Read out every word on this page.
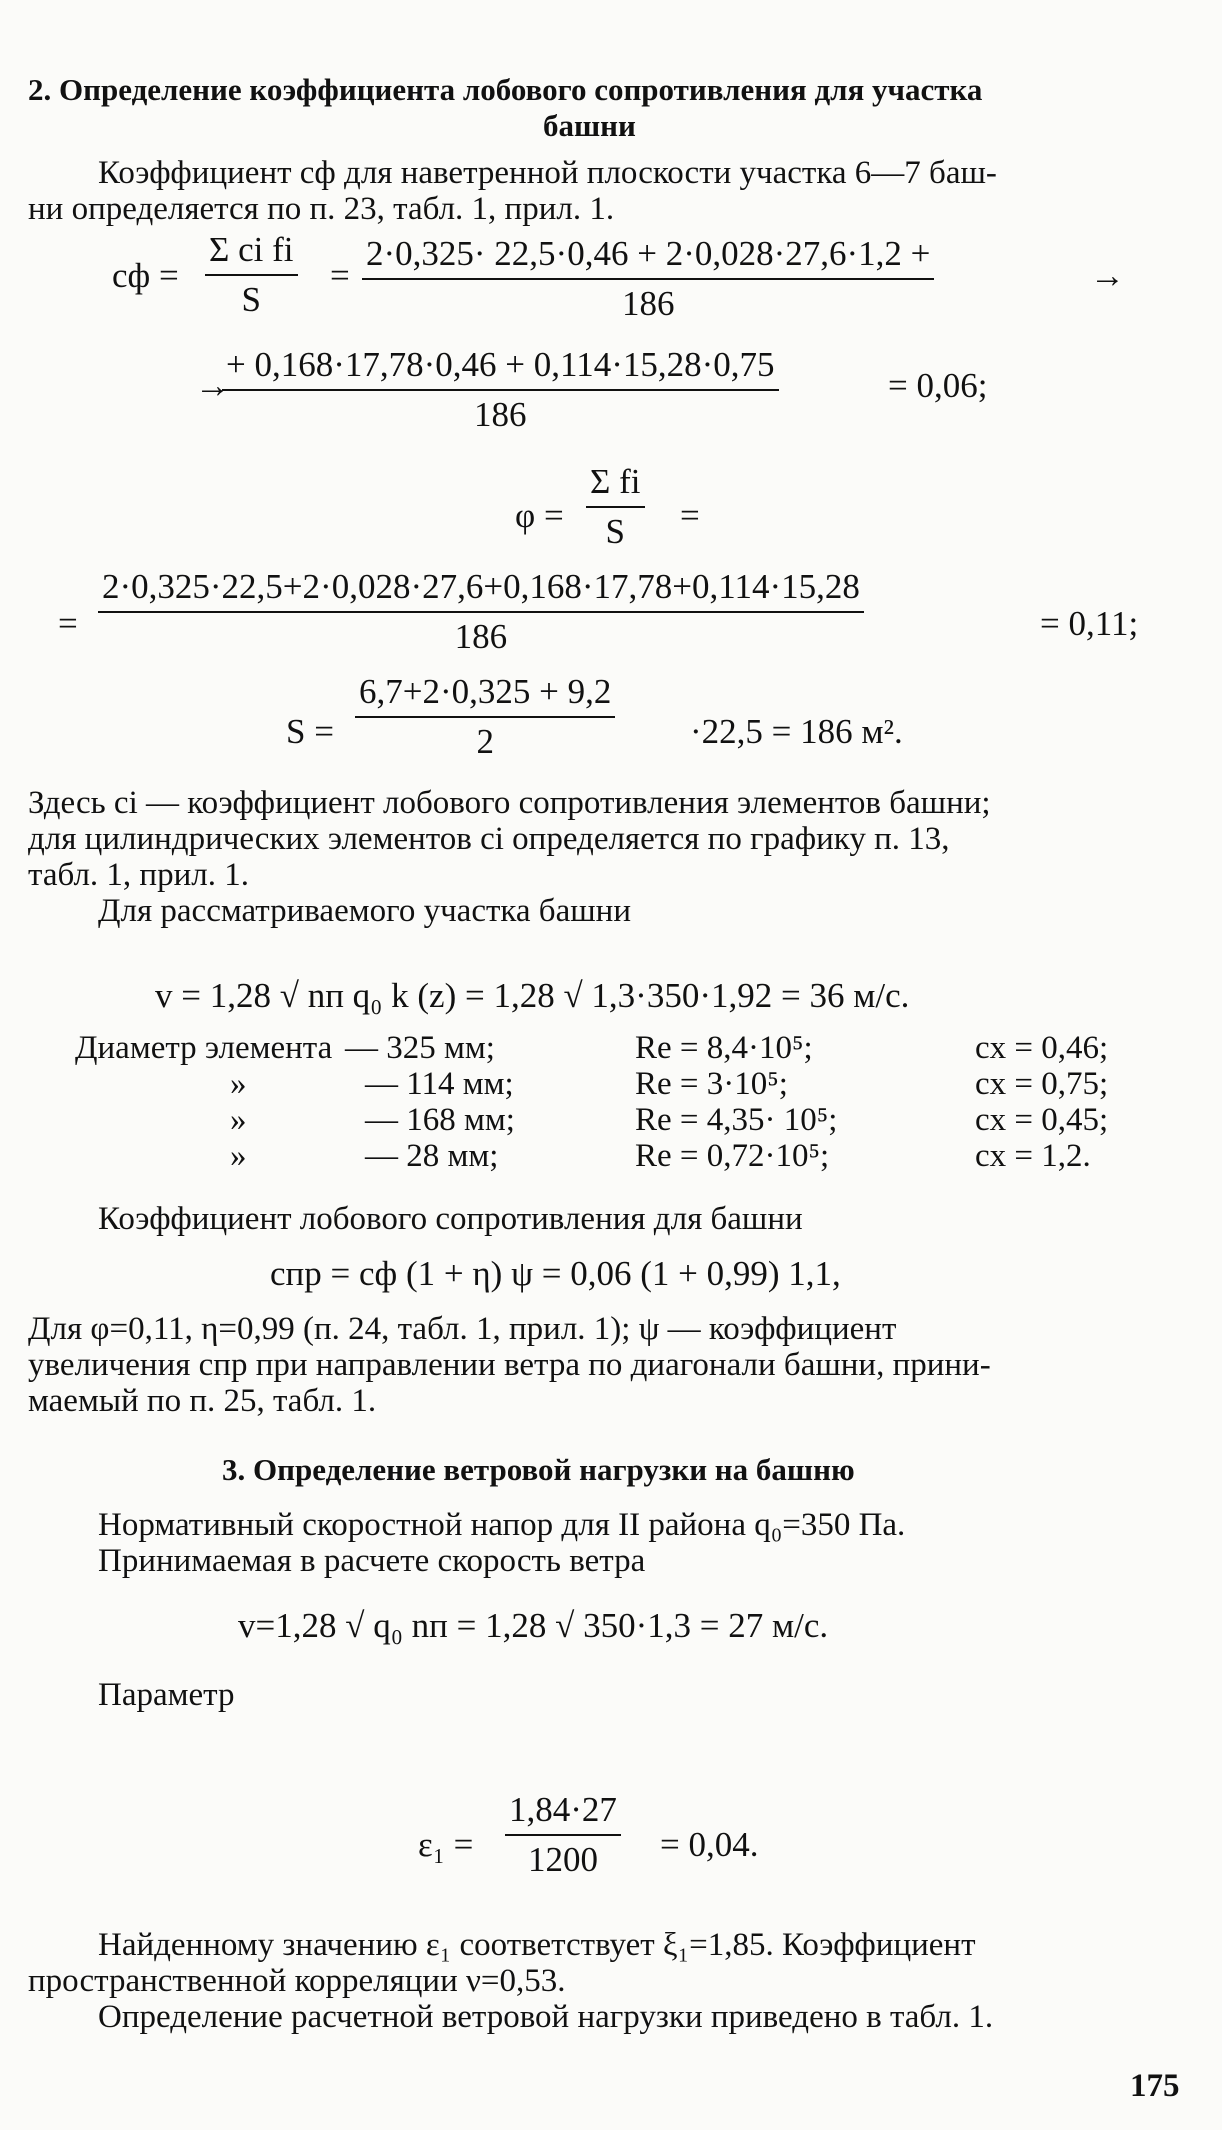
2. Определение коэффициента лобового сопротивления для участка
башни
Коэффициент cф для наветренной плоскости участка 6—7 баш-
ни определяется по п. 23, табл. 1, прил. 1.
cф = $\frac{\text{Σ ci fi}}{S} = \frac{2\cdot 0,325\cdot 22,5\cdot 0,46 + 2\cdot 0,028\cdot 27,6\cdot 1,2 +}{186}$	→
→
$\frac{+ 0,168\cdot 17,78\cdot 0,46 + 0,114\cdot 15,28\cdot 0,75}{186}$	= 0,06;
$\varphi = \frac{\text{Σ fi}}{S}$ =
= $\frac{2\cdot 0,325\cdot 22,5+2\cdot 0,028\cdot 27,6+0,168\cdot 17,78+0,114\cdot 15,28}{186}$	= 0,11;
$S = \frac{6,7+2\cdot 0,325 + 9,2}{2} \cdot 22,5 = 186$ м².
Здесь ci — коэффициент лобового сопротивления элементов башни;
для цилиндрических элементов ci определяется по графику п. 13,
табл. 1, прил. 1.
Для рассматриваемого участка башни
v = 1,28 √ nп q₀ k (z) = 1,28 √ 1,3·350·1,92 = 36 м/с.
Диаметр элемента — 325 мм;	Re = 8,4·10⁵;	cx = 0,46;
»	— 114 мм;	Re = 3·10⁵;	cx = 0,75;
»	— 168 мм;	Re = 4,35· 10⁵;	cx = 0,45;
»	— 28 мм;	Re = 0,72·10⁵;	cx = 1,2.
Коэффициент лобового сопротивления для башни
cпр = cф (1 + η) ψ = 0,06 (1 + 0,99) 1,1,
Для φ=0,11, η=0,99 (п. 24, табл. 1, прил. 1); ψ — коэффициент
увеличения cпр при направлении ветра по диагонали башни, прини-
маемый по п. 25, табл. 1.
3. Определение ветровой нагрузки на башню
Нормативный скоростной напор для II района q₀=350 Па.
Принимаемая в расчете скорость ветра
v=1,28 √ q₀ nп = 1,28 √ 350·1,3 = 27 м/с.
Параметр
$\varepsilon_1 = \frac{1,84\cdot 27}{1200} = 0,04$.
Найденному значению ε₁ соответствует ξ₁=1,85. Коэффициент
пространственной корреляции ν=0,53.
Определение расчетной ветровой нагрузки приведено в табл. 1.
175
